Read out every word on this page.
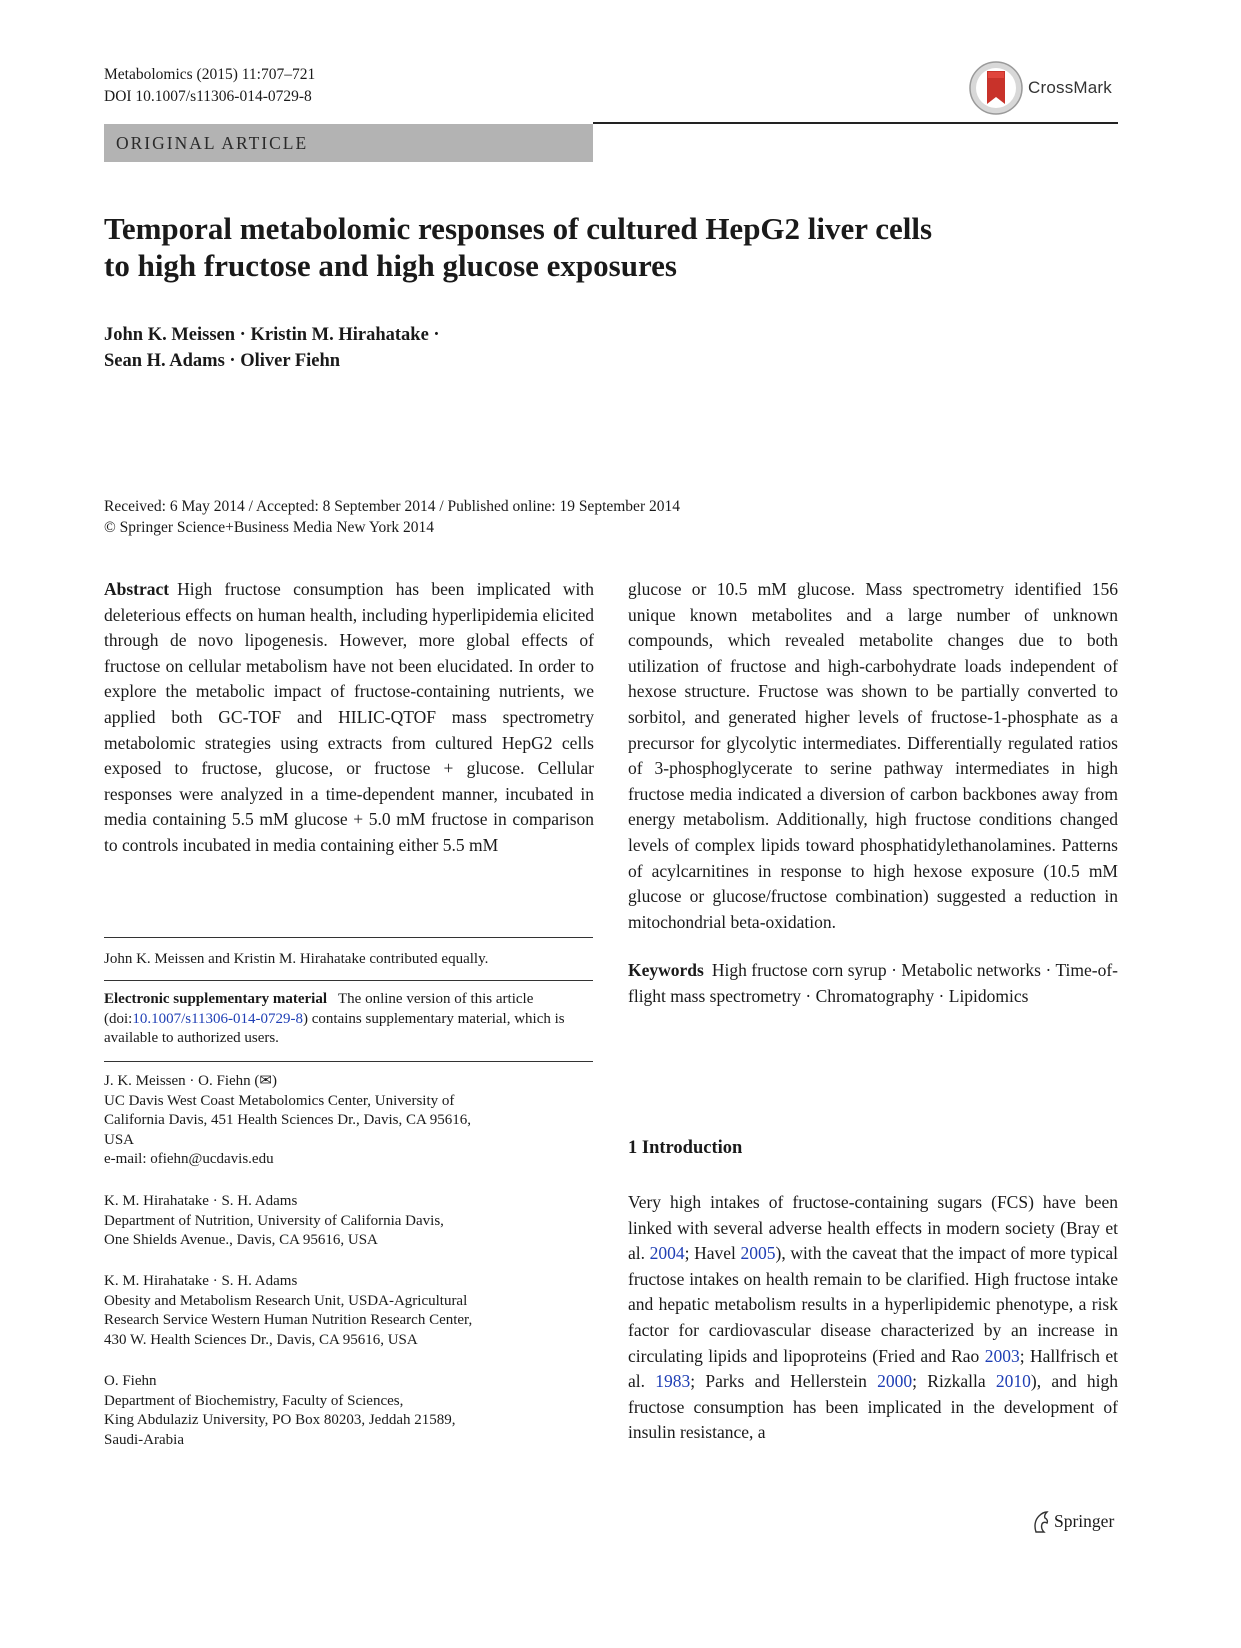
Metabolomics (2015) 11:707–721
DOI 10.1007/s11306-014-0729-8	CrossMark
ORIGINAL ARTICLE
Temporal metabolomic responses of cultured HepG2 liver cells
to high fructose and high glucose exposures
John K. Meissen · Kristin M. Hirahatake ·
Sean H. Adams · Oliver Fiehn
Received: 6 May 2014 / Accepted: 8 September 2014 / Published online: 19 September 2014
© Springer Science+Business Media New York 2014

Abstract High fructose consumption has been implicated with deleterious effects on human health, including hyperlipidemia elicited through de novo lipogenesis. However, more global effects of fructose on cellular metabolism have not been elucidated. In order to explore the metabolic impact of fructose-containing nutrients, we applied both GC-TOF and HILIC-QTOF mass spectrometry metabolomic strategies using extracts from cultured HepG2 cells exposed to fructose, glucose, or fructose + glucose. Cellular responses were analyzed in a time-dependent manner, incubated in media containing 5.5 mM glucose + 5.0 mM fructose in comparison to controls incubated in media containing either 5.5 mM

John K. Meissen and Kristin M. Hirahatake contributed equally.
Electronic supplementary material The online version of this article (doi:10.1007/s11306-014-0729-8) contains supplementary material, which is available to authorized users.
J. K. Meissen · O. Fiehn (✉)
UC Davis West Coast Metabolomics Center, University of
California Davis, 451 Health Sciences Dr., Davis, CA 95616,
USA
e-mail: ofiehn@ucdavis.edu
K. M. Hirahatake · S. H. Adams
Department of Nutrition, University of California Davis,
One Shields Avenue., Davis, CA 95616, USA
K. M. Hirahatake · S. H. Adams
Obesity and Metabolism Research Unit, USDA-Agricultural
Research Service Western Human Nutrition Research Center,
430 W. Health Sciences Dr., Davis, CA 95616, USA
O. Fiehn
Department of Biochemistry, Faculty of Sciences,
King Abdulaziz University, PO Box 80203, Jeddah 21589,
Saudi-Arabia

glucose or 10.5 mM glucose. Mass spectrometry identified 156 unique known metabolites and a large number of unknown compounds, which revealed metabolite changes due to both utilization of fructose and high-carbohydrate loads independent of hexose structure. Fructose was shown to be partially converted to sorbitol, and generated higher levels of fructose-1-phosphate as a precursor for glycolytic intermediates. Differentially regulated ratios of 3-phosphoglycerate to serine pathway intermediates in high fructose media indicated a diversion of carbon backbones away from energy metabolism. Additionally, high fructose conditions changed levels of complex lipids toward phosphatidylethanolamines. Patterns of acylcarnitines in response to high hexose exposure (10.5 mM glucose or glucose/fructose combination) suggested a reduction in mitochondrial beta-oxidation.

Keywords High fructose corn syrup · Metabolic networks · Time-of-flight mass spectrometry · Chromatography · Lipidomics

1 Introduction

Very high intakes of fructose-containing sugars (FCS) have been linked with several adverse health effects in modern society (Bray et al. 2004; Havel 2005), with the caveat that the impact of more typical fructose intakes on health remain to be clarified. High fructose intake and hepatic metabolism results in a hyperlipidemic phenotype, a risk factor for cardiovascular disease characterized by an increase in circulating lipids and lipoproteins (Fried and Rao 2003; Hallfrisch et al. 1983; Parks and Hellerstein 2000; Rizkalla 2010), and high fructose consumption has been implicated in the development of insulin resistance, a

Springer
